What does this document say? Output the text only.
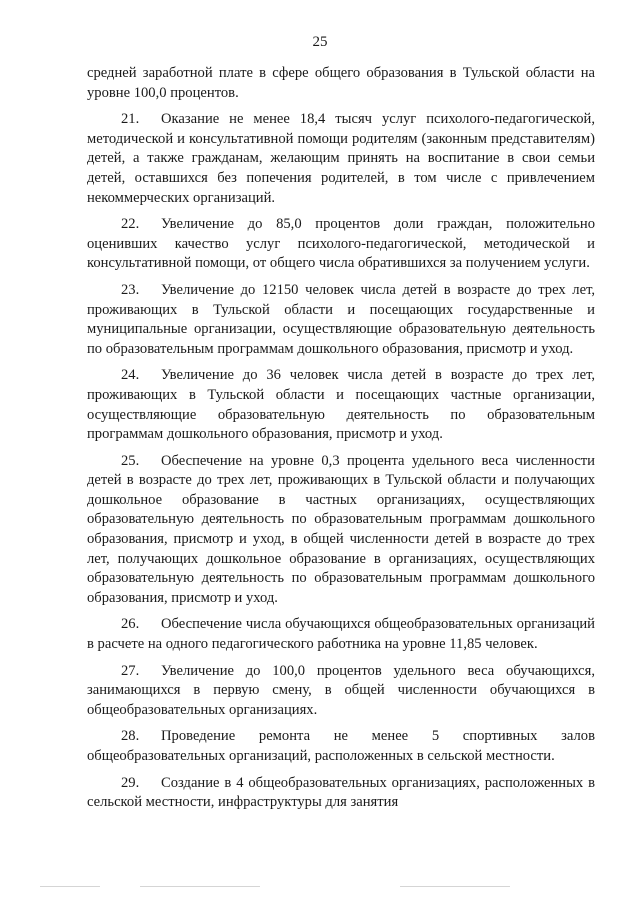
25

средней заработной плате в сфере общего образования в Тульской области на уровне 100,0 процентов.

21. Оказание не менее 18,4 тысяч услуг психолого-педагогической, методической и консультативной помощи родителям (законным представителям) детей, а также гражданам, желающим принять на воспитание в свои семьи детей, оставшихся без попечения родителей, в том числе с привлечением некоммерческих организаций.

22. Увеличение до 85,0 процентов доли граждан, положительно оценивших качество услуг психолого-педагогической, методической и консультативной помощи, от общего числа обратившихся за получением услуги.

23. Увеличение до 12150 человек числа детей в возрасте до трех лет, проживающих в Тульской области и посещающих государственные и муниципальные организации, осуществляющие образовательную деятельность по образовательным программам дошкольного образования, присмотр и уход.

24. Увеличение до 36 человек числа детей в возрасте до трех лет, проживающих в Тульской области и посещающих частные организации, осуществляющие образовательную деятельность по образовательным программам дошкольного образования, присмотр и уход.

25. Обеспечение на уровне 0,3 процента удельного веса численности детей в возрасте до трех лет, проживающих в Тульской области и получающих дошкольное образование в частных организациях, осуществляющих образовательную деятельность по образовательным программам дошкольного образования, присмотр и уход, в общей численности детей в возрасте до трех лет, получающих дошкольное образование в организациях, осуществляющих образовательную деятельность по образовательным программам дошкольного образования, присмотр и уход.

26. Обеспечение числа обучающихся общеобразовательных организаций в расчете на одного педагогического работника на уровне 11,85 человек.

27. Увеличение до 100,0 процентов удельного веса обучающихся, занимающихся в первую смену, в общей численности обучающихся в общеобразовательных организациях.

28. Проведение ремонта не менее 5 спортивных залов общеобразовательных организаций, расположенных в сельской местности.

29. Создание в 4 общеобразовательных организациях, расположенных в сельской местности, инфраструктуры для занятия
